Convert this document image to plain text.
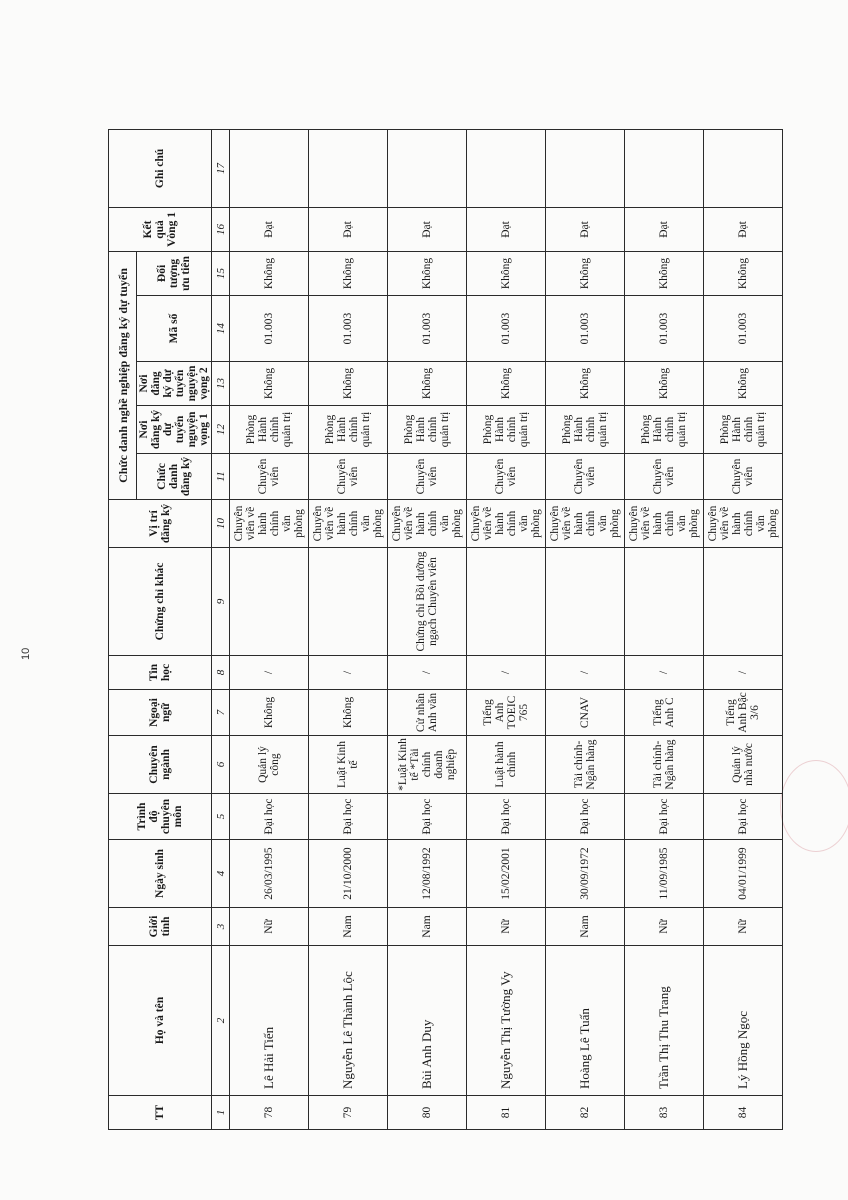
10
TT	Họ và tên	Giới tính	Ngày sinh	Trình độ chuyên môn	Chuyên ngành	Ngoại ngữ	Tin học	Chứng chỉ khác	Vị trí đăng ký	Chức danh nghề nghiệp đăng ký dự tuyển					Kết quả Vòng 1	Ghi chú
										Chức danh đăng ký	Nơi đăng ký dự tuyển nguyện vọng 1	Nơi đăng ký dự tuyển nguyện vọng 2	Mã số	Đối tượng ưu tiên		
1	2	3	4	5	6	7	8	9	10	11	12	13	14	15	16	17
78	Lê Hải Tiến	Nữ	26/03/1995	Đại học	Quản lý công	Không	/		Chuyên viên về hành chính văn phòng	Chuyên viên	Phòng Hành chính quản trị	Không	01.003	Không	Đạt	
79	Nguyễn Lê Thành Lộc	Nam	21/10/2000	Đại học	Luật Kinh tế	Không	/		Chuyên viên về hành chính văn phòng	Chuyên viên	Phòng Hành chính quản trị	Không	01.003	Không	Đạt	
80	Bùi Anh Duy	Nam	12/08/1992	Đại học	*Luật Kinh tế *Tài chính doanh nghiệp	Cử nhân Anh văn	/	Chứng chỉ Bồi dưỡng ngạch Chuyên viên	Chuyên viên về hành chính văn phòng	Chuyên viên	Phòng Hành chính quản trị	Không	01.003	Không	Đạt	
81	Nguyễn Thị Tường Vy	Nữ	15/02/2001	Đại học	Luật hành chính	Tiếng Anh TOEIC 765	/		Chuyên viên về hành chính văn phòng	Chuyên viên	Phòng Hành chính quản trị	Không	01.003	Không	Đạt	
82	Hoàng Lê Tuấn	Nam	30/09/1972	Đại học	Tài chính-Ngân hàng	CNAV	/		Chuyên viên về hành chính văn phòng	Chuyên viên	Phòng Hành chính quản trị	Không	01.003	Không	Đạt	
83	Trần Thị Thu Trang	Nữ	11/09/1985	Đại học	Tài chính-Ngân hàng	Tiếng Anh C	/		Chuyên viên về hành chính văn phòng	Chuyên viên	Phòng Hành chính quản trị	Không	01.003	Không	Đạt	
84	Lý Hồng Ngọc	Nữ	04/01/1999	Đại học	Quản lý nhà nước	Tiếng Anh Bậc 3/6	/		Chuyên viên về hành chính văn phòng	Chuyên viên	Phòng Hành chính quản trị	Không	01.003	Không	Đạt	
